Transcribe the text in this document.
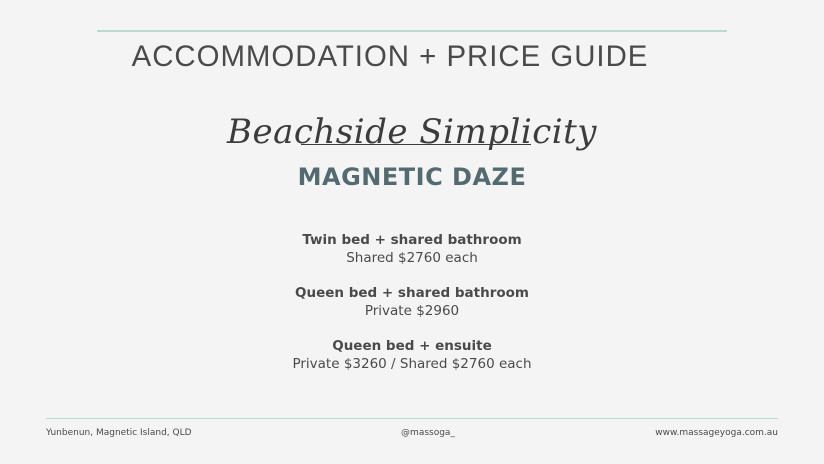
ACCOMMODATION + PRICE GUIDE
Beachside Simplicity
MAGNETIC DAZE
Twin bed + shared bathroom
Shared $2760 each
Queen bed + shared bathroom
Private $2960
Queen bed + ensuite
Private $3260 / Shared $2760 each
Yunbenun, Magnetic Island, QLD	@massoga_	www.massageyoga.com.au
